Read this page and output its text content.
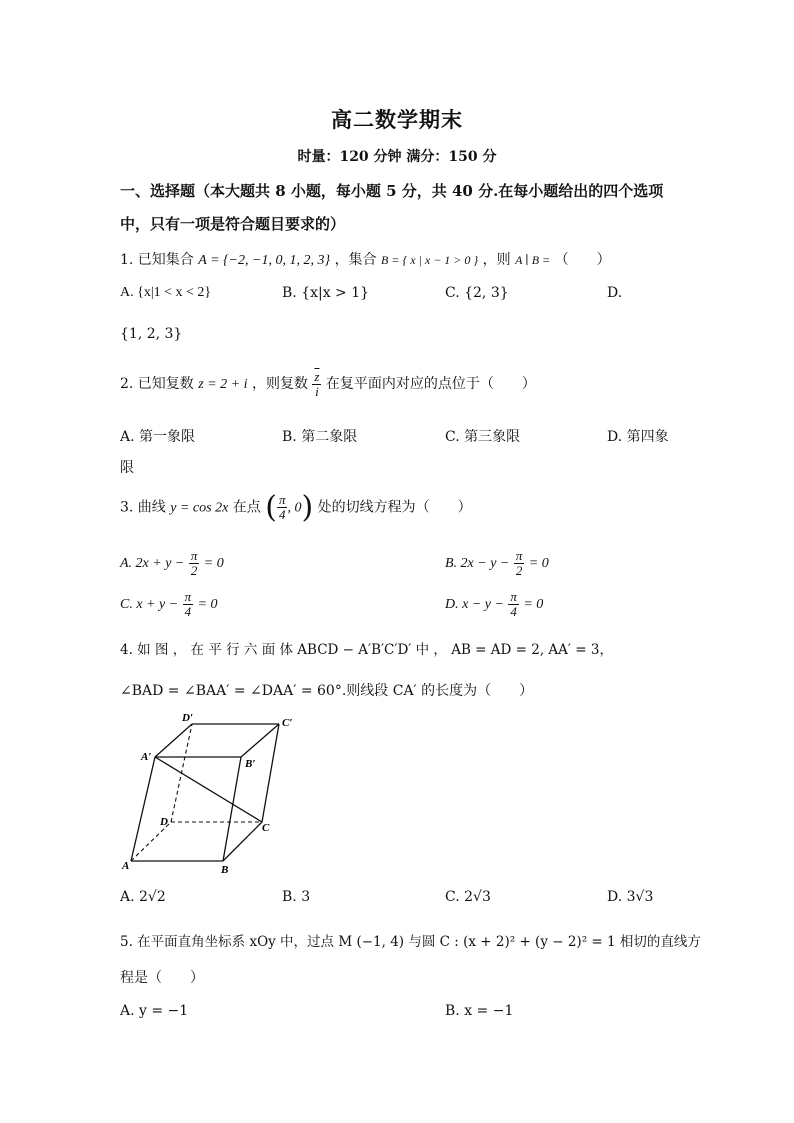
高二数学期末
时量：120 分钟 满分：150 分
一、选择题（本大题共 8 小题，每小题 5 分，共 40 分.在每小题给出的四个选项中，只有一项是符合题目要求的）
1. 已知集合 A = {−2, −1, 0, 1, 2, 3} ，集合 B = { x | x − 1 > 0 } ，则 A ∣ B = （　　）
A. {x|1 < x < 2}	B. {x|x > 1}	C. {2, 3}	D.
{1, 2, 3}
2. 已知复数 z = 2 + i ，则复数 $\frac{\overline{z}}{i}$ 在复平面内对应的点位于（　　）
A. 第一象限	B. 第二象限	C. 第三象限	D. 第四象
限
3. 曲线 y = cos 2x 在点 ( $\frac{\pi}{4}$ , 0) 处的切线方程为（　　）
A. $2x + y - \frac{\pi}{2} = 0$	B. $2x - y - \frac{\pi}{2} = 0$
C. $x + y - \frac{\pi}{4} = 0$	D. $x - y - \frac{\pi}{4} = 0$
4. 如 图 ， 在 平 行 六 面 体 ABCD − A′B′C′D′ 中 ， AB = AD = 2, AA′ = 3，
∠BAD = ∠BAA′ = ∠DAA′ = 60°.则线段 CA′ 的长度为（　　）
D′	C′
A′
B′
D	C
A	B
A. 2√2	B. 3	C. 2√3	D. 3√3
5. 在平面直角坐标系 xOy 中，过点 M (−1, 4) 与圆 C : (x + 2)² + (y − 2)² = 1 相切的直线方
程是（　　）
A. y = −1	B. x = −1
